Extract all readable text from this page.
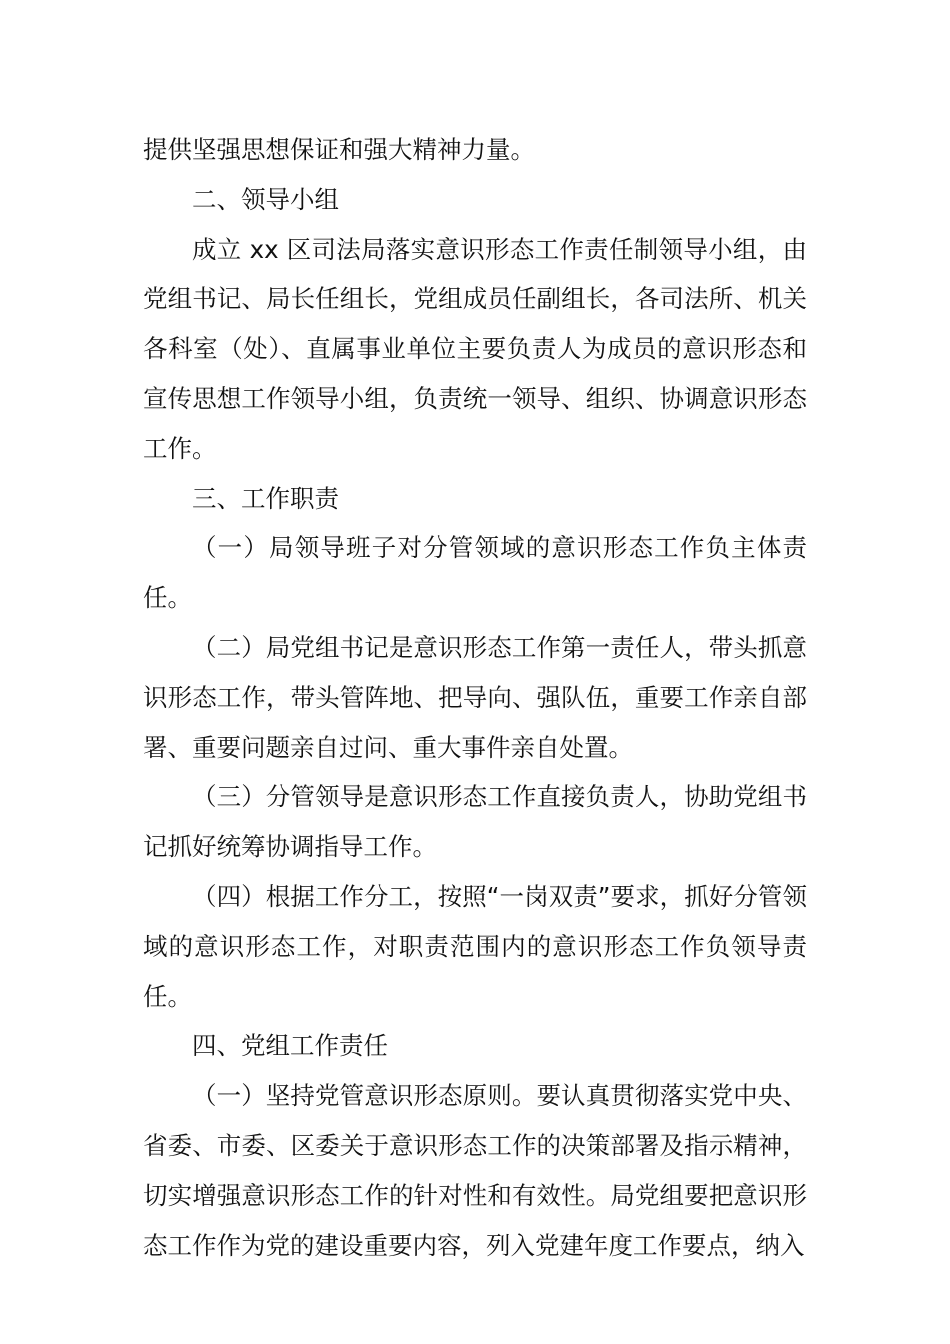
提供坚强思想保证和强大精神力量。

二、领导小组

成立 xx 区司法局落实意识形态工作责任制领导小组，由党组书记、局长任组长，党组成员任副组长，各司法所、机关各科室（处）、直属事业单位主要负责人为成员的意识形态和宣传思想工作领导小组，负责统一领导、组织、协调意识形态工作。

三、工作职责

（一）局领导班子对分管领域的意识形态工作负主体责任。

（二）局党组书记是意识形态工作第一责任人，带头抓意识形态工作，带头管阵地、把导向、强队伍，重要工作亲自部署、重要问题亲自过问、重大事件亲自处置。

（三）分管领导是意识形态工作直接负责人，协助党组书记抓好统筹协调指导工作。

（四）根据工作分工，按照“一岗双责”要求，抓好分管领域的意识形态工作，对职责范围内的意识形态工作负领导责任。

四、党组工作责任

（一）坚持党管意识形态原则。要认真贯彻落实党中央、省委、市委、区委关于意识形态工作的决策部署及指示精神，切实增强意识形态工作的针对性和有效性。局党组要把意识形态工作作为党的建设重要内容，列入党建年度工作要点，纳入
